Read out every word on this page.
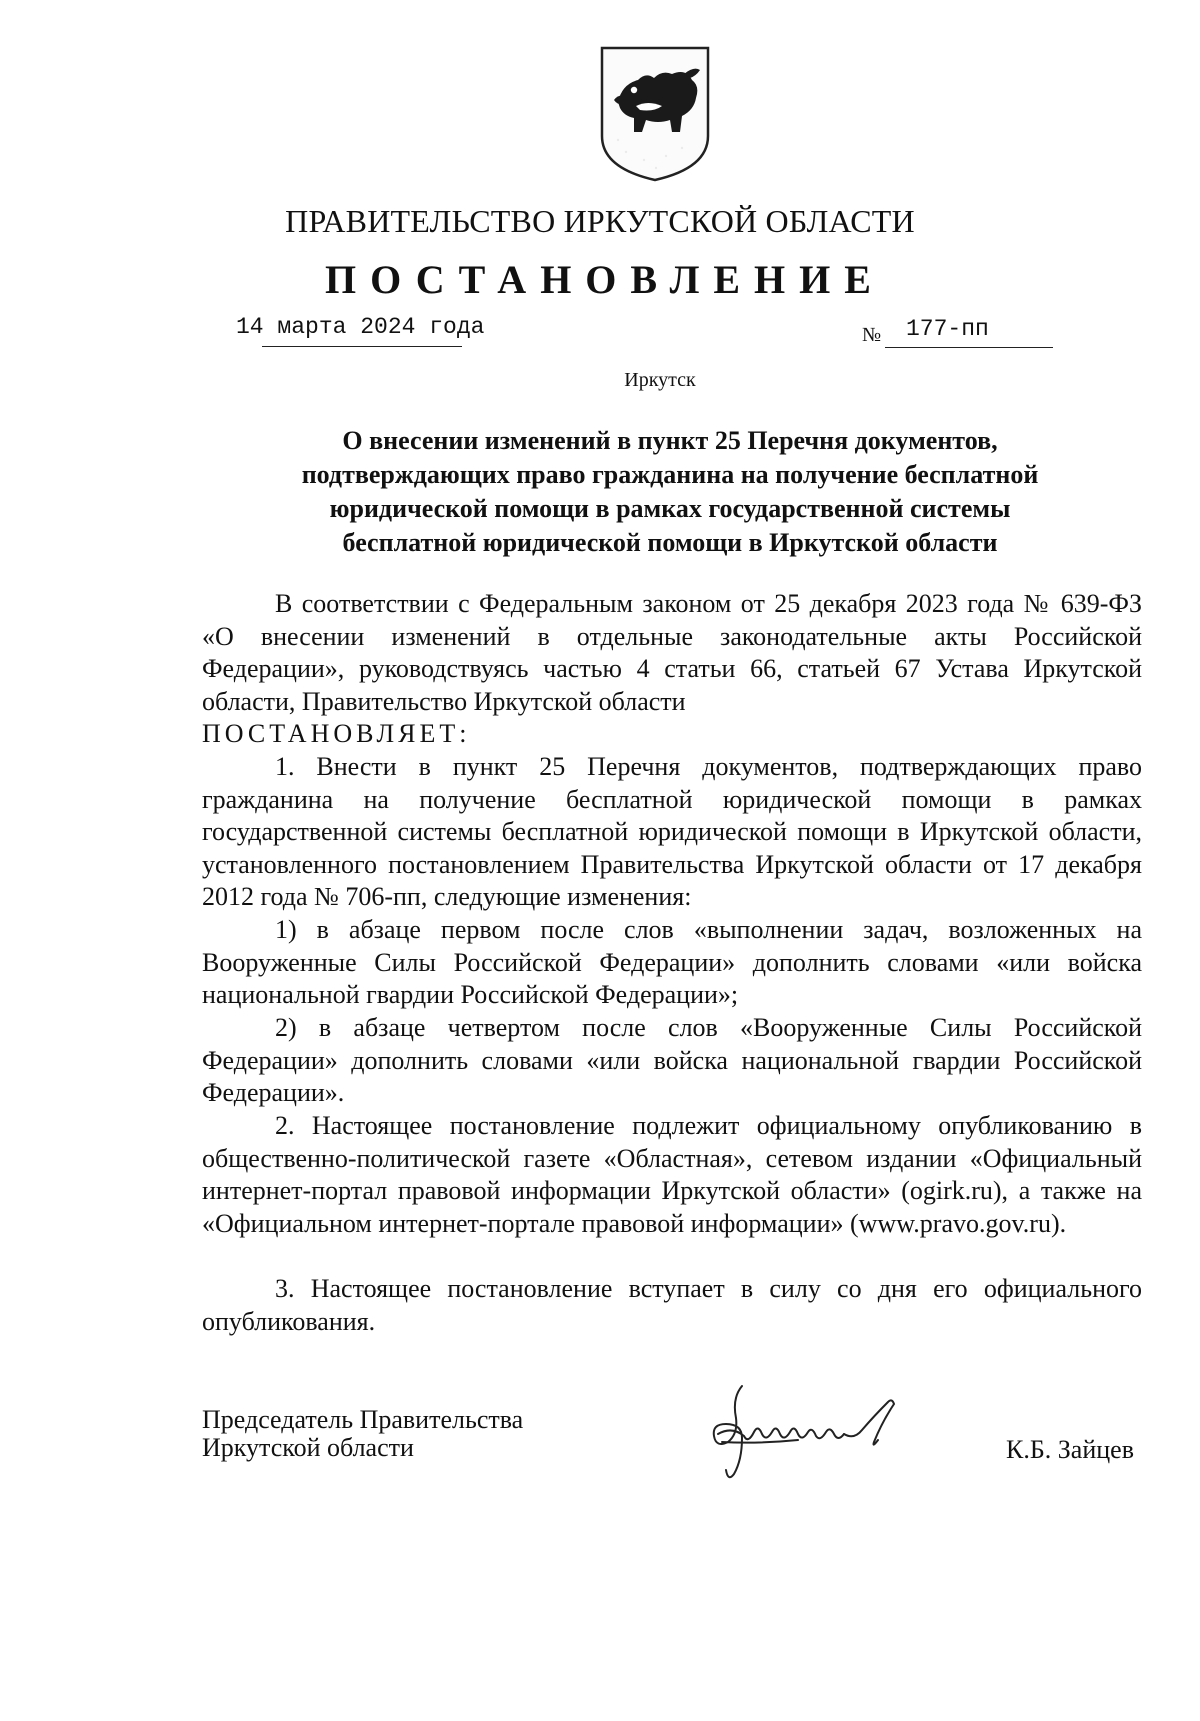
ПРАВИТЕЛЬСТВО ИРКУТСКОЙ ОБЛАСТИ
ПОСТАНОВЛЕНИЕ
14 марта 2024 года	№ 177-пп
Иркутск
О внесении изменений в пункт 25 Перечня документов, подтверждающих право гражданина на получение бесплатной юридической помощи в рамках государственной системы бесплатной юридической помощи в Иркутской области

В соответствии с Федеральным законом от 25 декабря 2023 года № 639-ФЗ «О внесении изменений в отдельные законодательные акты Российской Федерации», руководствуясь частью 4 статьи 66, статьей 67 Устава Иркутской области, Правительство Иркутской области

ПОСТАНОВЛЯЕТ:

1. Внести в пункт 25 Перечня документов, подтверждающих право гражданина на получение бесплатной юридической помощи в рамках государственной системы бесплатной юридической помощи в Иркутской области, установленного постановлением Правительства Иркутской области от 17 декабря 2012 года № 706-пп, следующие изменения:

1) в абзаце первом после слов «выполнении задач, возложенных на Вооруженные Силы Российской Федерации» дополнить словами «или войска национальной гвардии Российской Федерации»;

2) в абзаце четвертом после слов «Вооруженные Силы Российской Федерации» дополнить словами «или войска национальной гвардии Российской Федерации».

2. Настоящее постановление подлежит официальному опубликованию в общественно-политической газете «Областная», сетевом издании «Официальный интернет-портал правовой информации Иркутской области» (ogirk.ru), а также на «Официальном интернет-портале правовой информации» (www.pravo.gov.ru).

3. Настоящее постановление вступает в силу со дня его официального опубликования.

Председатель Правительства
Иркутской области	К.Б. Зайцев
